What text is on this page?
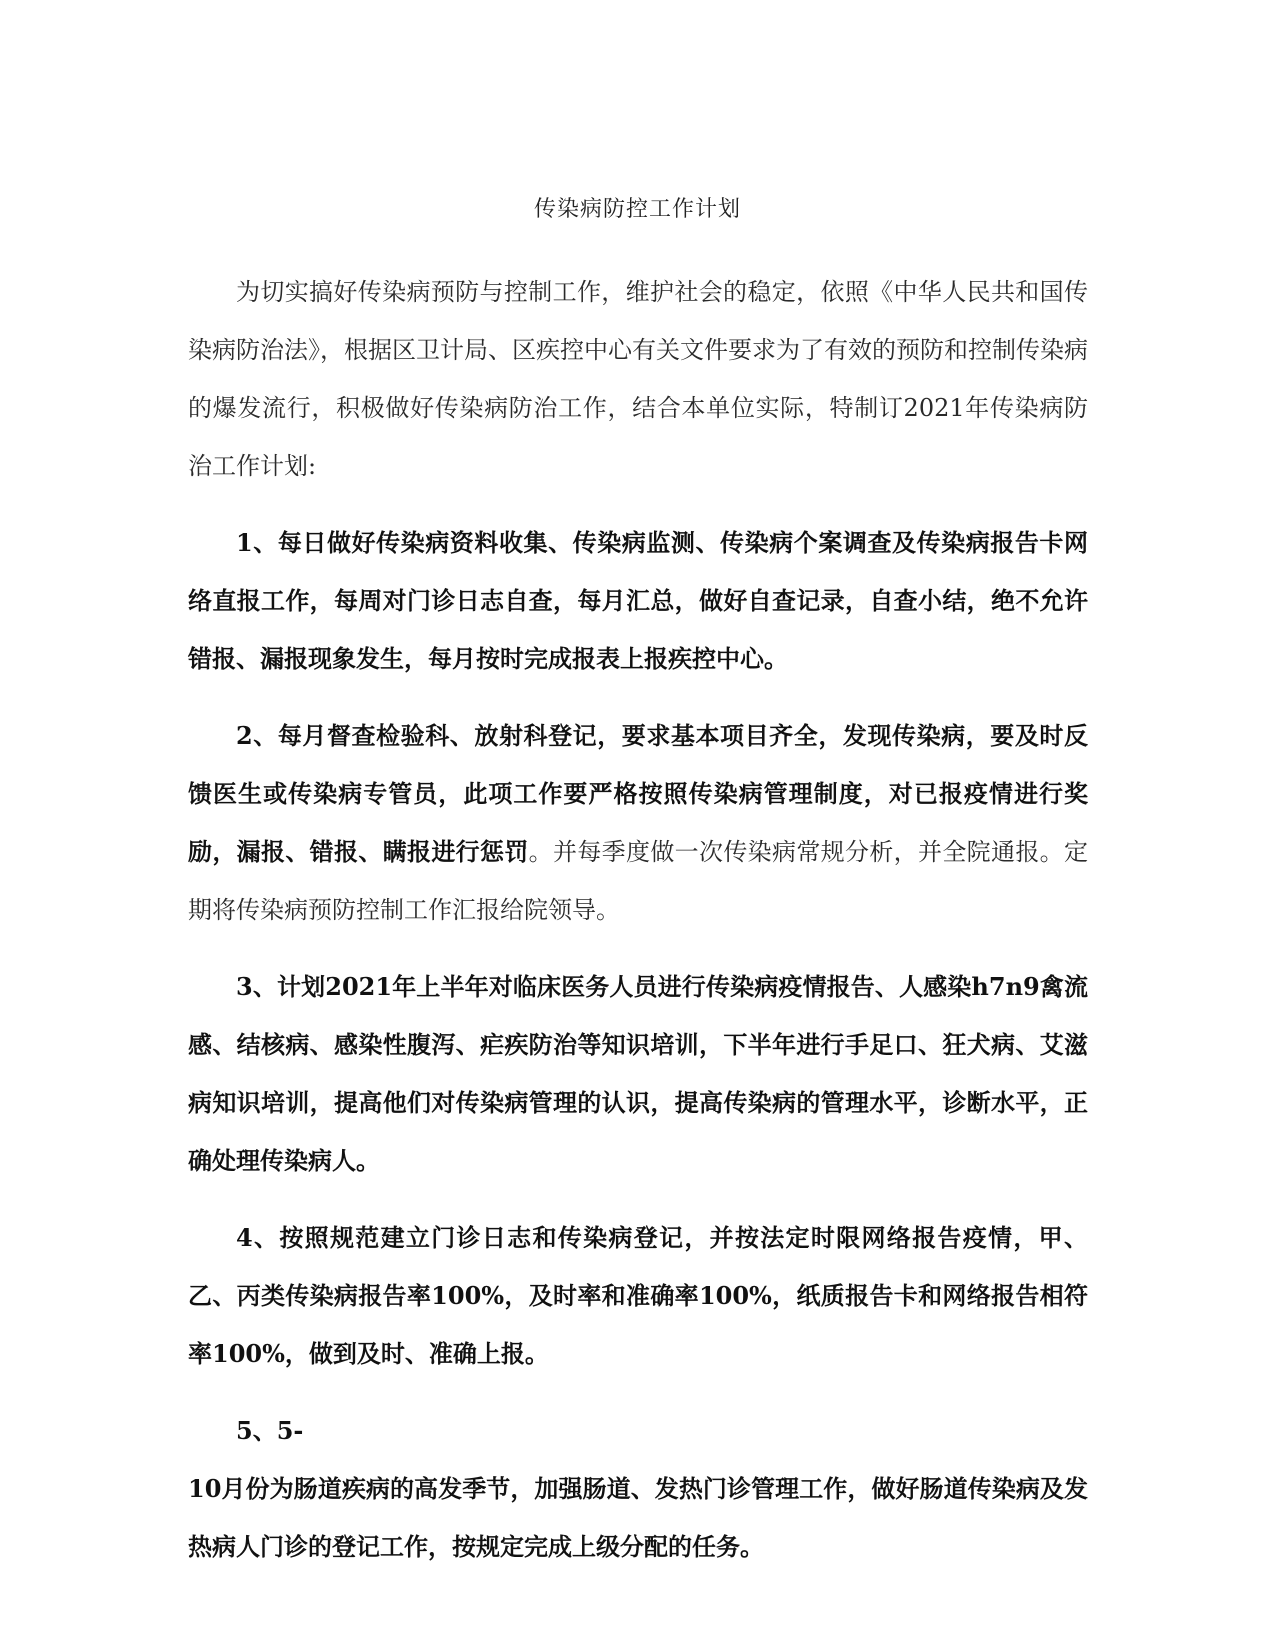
传染病防控工作计划

为切实搞好传染病预防与控制工作，维护社会的稳定，依照《中华人民共和国传染病防治法》，根据区卫计局、区疾控中心有关文件要求为了有效的预防和控制传染病的爆发流行，积极做好传染病防治工作，结合本单位实际，特制订2021年传染病防治工作计划:

1、每日做好传染病资料收集、传染病监测、传染病个案调查及传染病报告卡网络直报工作，每周对门诊日志自查，每月汇总，做好自查记录，自查小结，绝不允许错报、漏报现象发生，每月按时完成报表上报疾控中心。

2、每月督查检验科、放射科登记，要求基本项目齐全，发现传染病，要及时反馈医生或传染病专管员，此项工作要严格按照传染病管理制度，对已报疫情进行奖励，漏报、错报、瞒报进行惩罚。并每季度做一次传染病常规分析，并全院通报。定期将传染病预防控制工作汇报给院领导。

3、计划2021年上半年对临床医务人员进行传染病疫情报告、人感染h7n9禽流感、结核病、感染性腹泻、疟疾防治等知识培训，下半年进行手足口、狂犬病、艾滋病知识培训，提高他们对传染病管理的认识，提高传染病的管理水平，诊断水平，正确处理传染病人。

4、按照规范建立门诊日志和传染病登记，并按法定时限网络报告疫情，甲、乙、丙类传染病报告率100%，及时率和准确率100%，纸质报告卡和网络报告相符率100%，做到及时、准确上报。

5、5-

10月份为肠道疾病的高发季节，加强肠道、发热门诊管理工作，做好肠道传染病及发热病人门诊的登记工作，按规定完成上级分配的任务。
